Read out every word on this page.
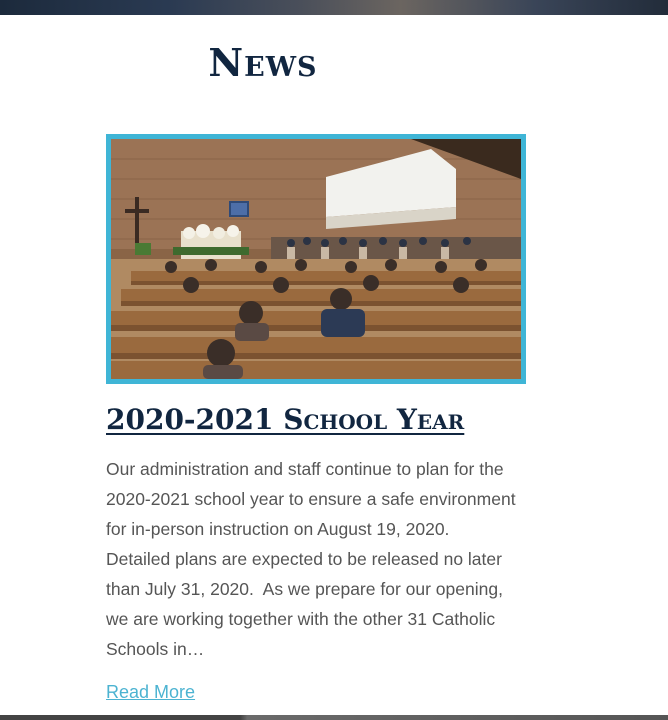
News
2020-2021 School Year

Our administration and staff continue to plan for the
2020-2021 school year to ensure a safe environment
for in-person instruction on August 19, 2020.
Detailed plans are expected to be released no later
than July 31, 2020.  As we prepare for our opening,
we are working together with the other 31 Catholic
Schools in…

Read More
